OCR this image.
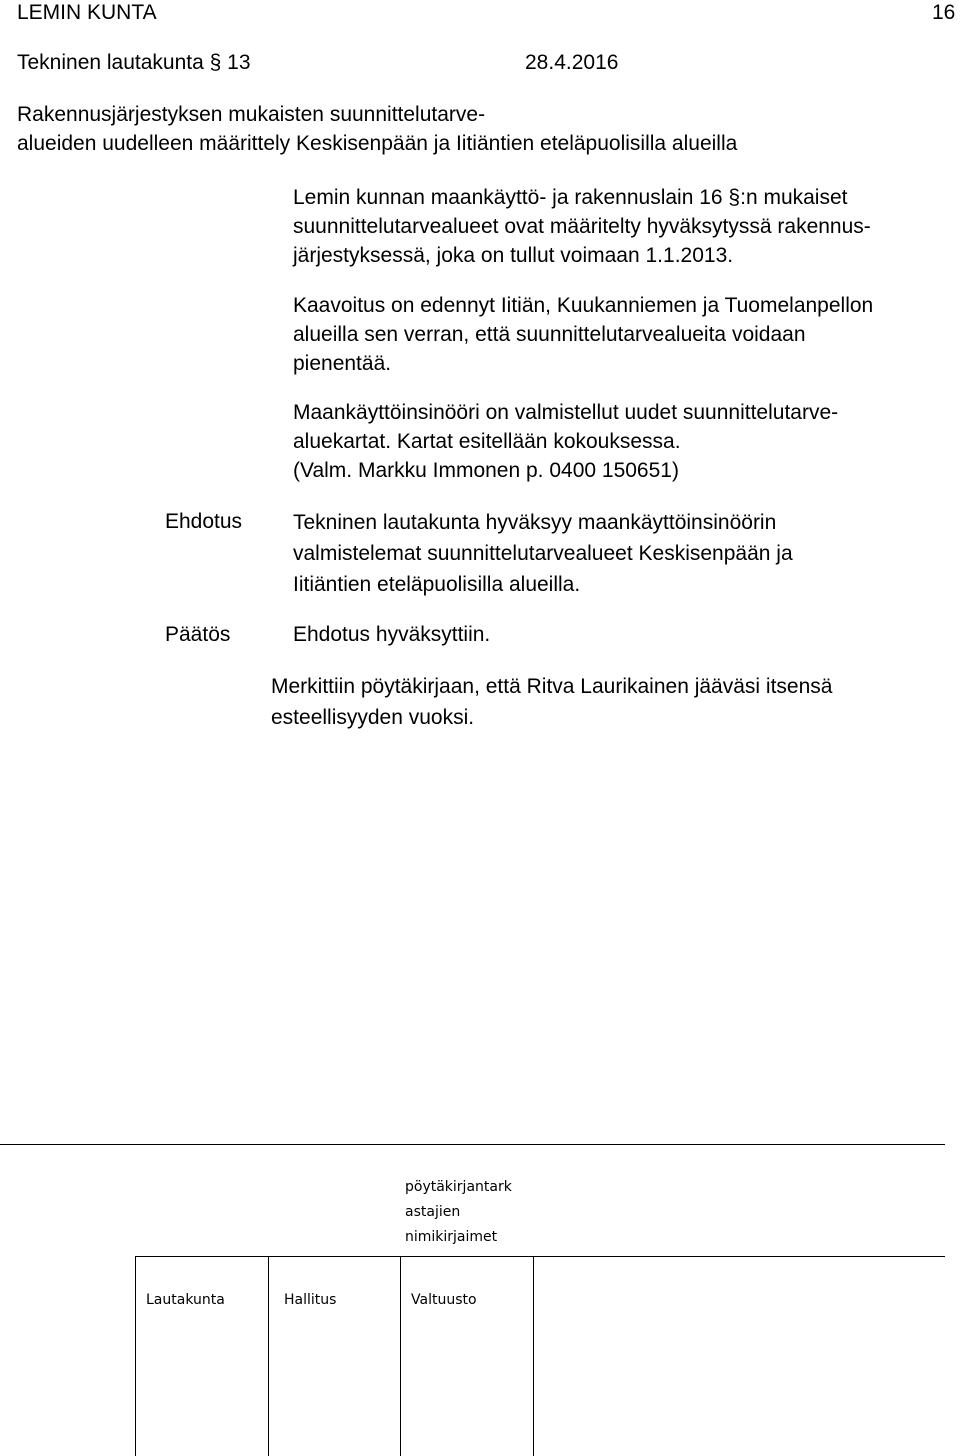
LEMIN KUNTA	16
Tekninen lautakunta § 13	28.4.2016
Rakennusjärjestyksen mukaisten suunnittelutarve-
alueiden uudelleen määrittely Keskisenpään ja Iitiäntien eteläpuolisilla alueilla
Lemin kunnan maankäyttö- ja rakennuslain 16 §:n mukaiset
suunnittelutarvealueet ovat määritelty hyväksytyssä rakennus-
järjestyksessä, joka on tullut voimaan 1.1.2013.
Kaavoitus on edennyt Iitiän, Kuukanniemen ja Tuomelanpellon
alueilla sen verran, että suunnittelutarvealueita voidaan
pienentää.
Maankäyttöinsinööri on valmistellut uudet suunnittelutarve-
aluekartat. Kartat esitellään kokouksessa.
(Valm. Markku Immonen p. 0400 150651)
Ehdotus Tekninen lautakunta hyväksyy maankäyttöinsinöörin
valmistelemat suunnittelutarvealueet Keskisenpään ja
Iitiäntien eteläpuolisilla alueilla.
Päätös	Ehdotus hyväksyttiin.
Merkittiin pöytäkirjaan, että Ritva Laurikainen jääväsi itsensä
esteellisyyden vuoksi.
pöytäkirjantark
astajien
nimikirjaimet
Lautakunta	Hallitus	Valtuusto
